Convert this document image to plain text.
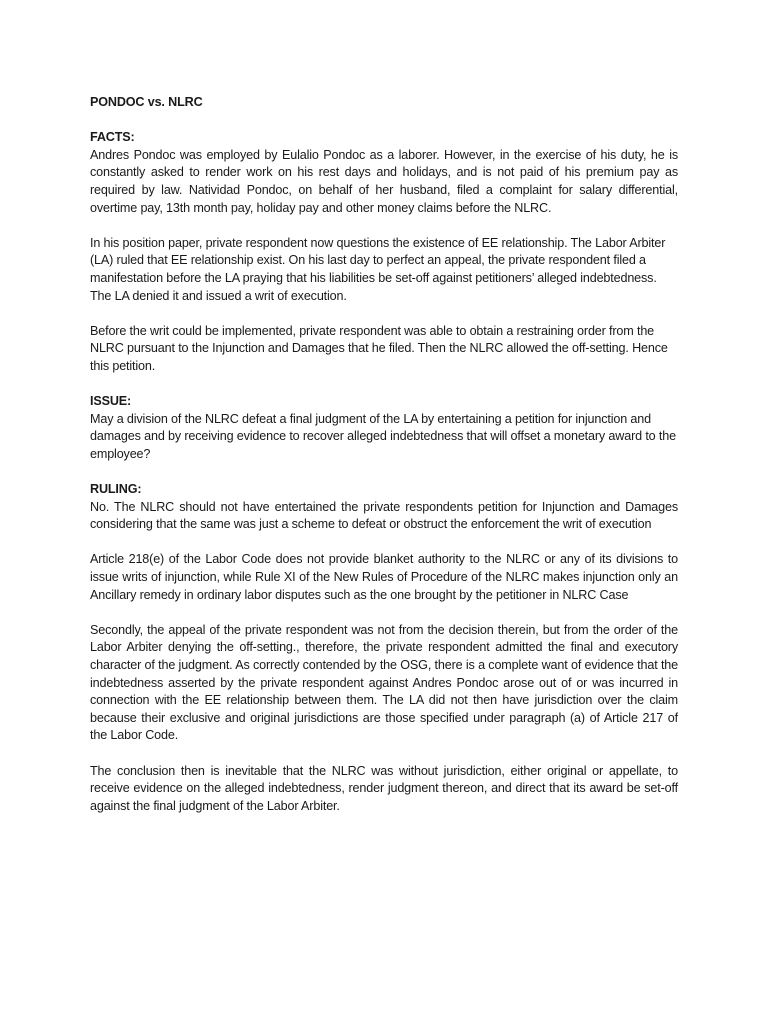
PONDOC vs. NLRC
FACTS:

Andres Pondoc was employed by Eulalio Pondoc as a laborer. However, in the exercise of his duty, he is constantly asked to render work on his rest days and holidays, and is not paid of his premium pay as required by law. Natividad Pondoc, on behalf of her husband, filed a complaint for salary differential, overtime pay, 13th month pay, holiday pay and other money claims before the NLRC.

In his position paper, private respondent now questions the existence of EE relationship. The Labor Arbiter (LA) ruled that EE relationship exist. On his last day to perfect an appeal, the private respondent filed a manifestation before the LA praying that his liabilities be set-off against petitioners’ alleged indebtedness. The LA denied it and issued a writ of execution.

Before the writ could be implemented, private respondent was able to obtain a restraining order from the NLRC pursuant to the Injunction and Damages that he filed. Then the NLRC allowed the off-setting. Hence this petition.

ISSUE:

May a division of the NLRC defeat a final judgment of the LA by entertaining a petition for injunction and damages and by receiving evidence to recover alleged indebtedness that will offset a monetary award to the employee?

RULING:

No. The NLRC should not have entertained the private respondents petition for Injunction and Damages considering that the same was just a scheme to defeat or obstruct the enforcement the writ of execution

Article 218(e) of the Labor Code does not provide blanket authority to the NLRC or any of its divisions to issue writs of injunction, while Rule XI of the New Rules of Procedure of the NLRC makes injunction only an Ancillary remedy in ordinary labor disputes such as the one brought by the petitioner in NLRC Case

Secondly, the appeal of the private respondent was not from the decision therein, but from the order of the Labor Arbiter denying the off-setting., therefore, the private respondent admitted the final and executory character of the judgment. As correctly contended by the OSG, there is a complete want of evidence that the indebtedness asserted by the private respondent against Andres Pondoc arose out of or was incurred in connection with the EE relationship between them. The LA did not then have jurisdiction over the claim because their exclusive and original jurisdictions are those specified under paragraph (a) of Article 217 of the Labor Code.

The conclusion then is inevitable that the NLRC was without jurisdiction, either original or appellate, to receive evidence on the alleged indebtedness, render judgment thereon, and direct that its award be set-off against the final judgment of the Labor Arbiter.
